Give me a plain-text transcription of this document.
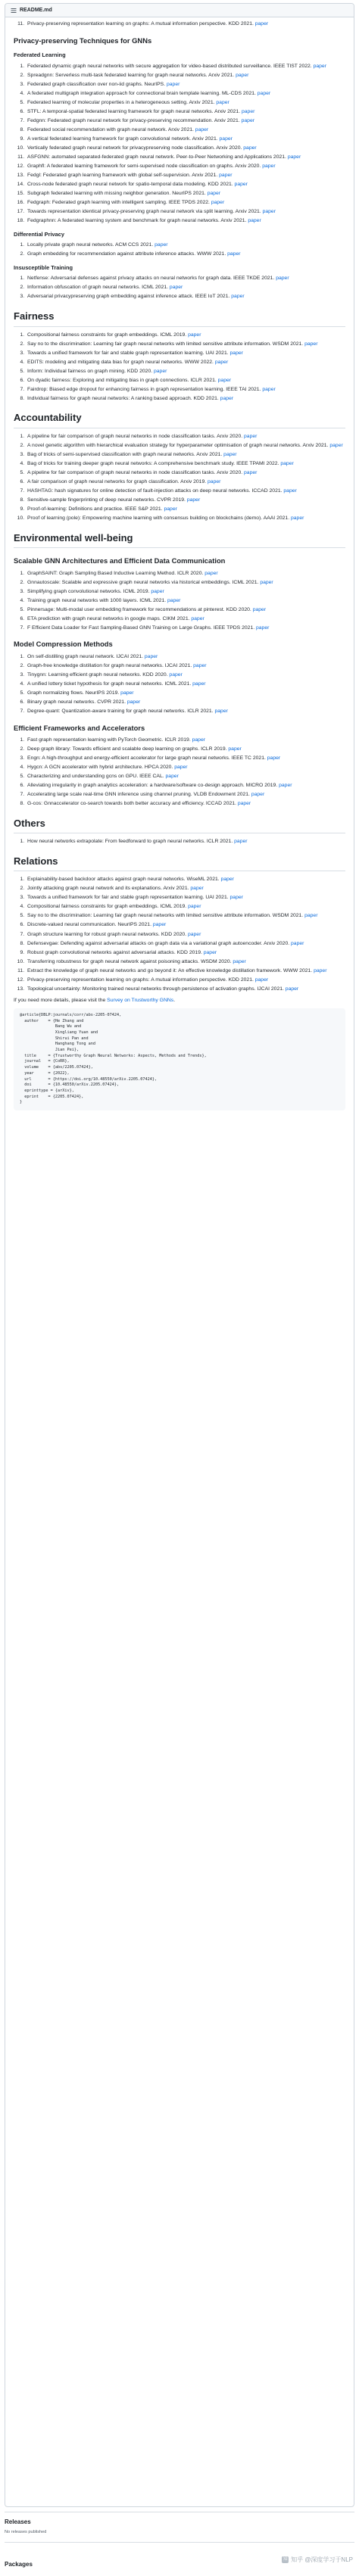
README.md
11. Privacy-preserving representation learning on graphs: A mutual information perspective. KDD 2021. paper
Privacy-preserving Techniques for GNNs
Federated Learning
1. Federated dynamic graph neural networks with secure aggregation for video-based distributed surveillance. IEEE TIST 2022. paper
2. Spreadgnn: Serverless multi-task federated learning for graph neural networks. Arxiv 2021. paper
3. Federated graph classification over non-iid graphs. NeurIPS. paper
4. A federated multigraph integration approach for connectional brain template learning. ML-CDS 2021. paper
5. Federated learning of molecular properties in a heterogeneous setting. Arxiv 2021. paper
6. STFL: A temporal-spatial federated learning framework for graph neural networks. Arxiv 2021. paper
7. Fedgnn: Federated graph neural network for privacy-preserving recommendation. Arxiv 2021. paper
8. Federated social recommendation with graph neural network. Arxiv 2021. paper
9. A vertical federated learning framework for graph convolutional network. Arxiv 2021. paper
10. Vertically federated graph neural network for privacypreserving node classification. Arxiv 2020. paper
11. ASFGNN: automated separated-federated graph neural network. Peer-to-Peer Networking and Applications 2021. paper
12. Graphfl: A federated learning framework for semi-supervised node classification on graphs. Arxiv 2020. paper
13. Fedgl: Federated graph learning framework with global self-supervision. Arxiv 2021. paper
14. Cross-node federated graph neural network for spatio-temporal data modeling. KDD 2021. paper
15. Subgraph federated learning with missing neighbor generation. NeurIPS 2021. paper
16. Fedgraph: Federated graph learning with intelligent sampling. IEEE TPDS 2022. paper
17. Towards representation identical privacy-preserving graph neural network via split learning. Arxiv 2021. paper
18. Fedgraphnn: A federated learning system and benchmark for graph neural networks. Arxiv 2021. paper
Differential Privacy
1. Locally private graph neural networks. ACM CCS 2021. paper
2. Graph embedding for recommendation against attribute inference attacks. WWW 2021. paper
Insusceptible Training
1. Netfense: Adversarial defenses against privacy attacks on neural networks for graph data. IEEE TKDE 2021. paper
2. Information obfuscation of graph neural networks. ICML 2021. paper
3. Adversarial privacypreserving graph embedding against inference attack. IEEE IoT 2021. paper
Fairness
1. Compositional fairness constraints for graph embeddings. ICML 2019. paper
2. Say no to the discrimination: Learning fair graph neural networks with limited sensitive attribute information. WSDM 2021. paper
3. Towards a unified framework for fair and stable graph representation learning. UAI 2021. paper
4. EDITS: modeling and mitigating data bias for graph neural networks. WWW 2022. paper
5. Inform: Individual fairness on graph mining. KDD 2020. paper
6. On dyadic fairness: Exploring and mitigating bias in graph connections. ICLR 2021. paper
7. Fairdrop: Biased edge dropout for enhancing fairness in graph representation learning. IEEE TAI 2021. paper
8. Individual fairness for graph neural networks: A ranking based approach. KDD 2021. paper
Accountability
1. A pipeline for fair comparison of graph neural networks in node classification tasks. Arxiv 2020. paper
2. A novel genetic algorithm with hierarchical evaluation strategy for hyperparameter optimisation of graph neural networks. Arxiv 2021. paper
3. Bag of tricks of semi-supervised classification with graph neural networks. Arxiv 2021. paper
4. Bag of tricks for training deeper graph neural networks: A comprehensive benchmark study. IEEE TPAMI 2022. paper
5. A pipeline for fair comparison of graph neural networks in node classification tasks. Arxiv 2020. paper
6. A fair comparison of graph neural networks for graph classification. Arxiv 2019. paper
7. HASHTAG: hash signatures for online detection of fault-injection attacks on deep neural networks. ICCAD 2021. paper
8. Sensitive-sample fingerprinting of deep neural networks. CVPR 2019. paper
9. Proof-of-learning: Definitions and practice. IEEE S&P 2021. paper
10. Proof of learning (pole): Empowering machine learning with consensus building on blockchains (demo). AAAI 2021. paper
Environmental well-being
Scalable GNN Architectures and Efficient Data Communication
1. GraphSAINT: Graph Sampling Based Inductive Learning Method. ICLR 2020. paper
2. Gnnautoscale: Scalable and expressive graph neural networks via historical embeddings. ICML 2021. paper
3. Simplifying graph convolutional networks. ICML 2019. paper
4. Training graph neural networks with 1000 layers. ICML 2021. paper
5. Pinnersage: Multi-modal user embedding framework for recommendations at pinterest. KDD 2020. paper
6. ETA prediction with graph neural networks in google maps. CIKM 2021. paper
7. F Efficient Data Loader for Fast Sampling-Based GNN Training on Large Graphs. IEEE TPDS 2021. paper
Model Compression Methods
1. On self-distilling graph neural network. IJCAI 2021. paper
2. Graph-free knowledge distillation for graph neural networks. IJCAI 2021. paper
3. Tinygnn: Learning efficient graph neural networks. KDD 2020. paper
4. A unified lottery ticket hypothesis for graph neural networks. ICML 2021. paper
5. Graph normalizing flows. NeurIPS 2019. paper
6. Binary graph neural networks. CVPR 2021. paper
7. Degree-quant: Quantization-aware training for graph neural networks. ICLR 2021. paper
Efficient Frameworks and Accelerators
1. Fast graph representation learning with PyTorch Geometric. ICLR 2019. paper
2. Deep graph library: Towards efficient and scalable deep learning on graphs. ICLR 2019. paper
3. Engn: A high-throughput and energy-efficient accelerator for large graph neural networks. IEEE TC 2021. paper
4. Hygcn: A GCN accelerator with hybrid architecture. HPCA 2020. paper
5. Characterizing and understanding gcns on GPU. IEEE CAL. paper
6. Alleviating irregularity in graph analytics acceleration: a hardware/software co-design approach. MICRO 2019. paper
7. Accelerating large scale real-time GNN inference using channel pruning. VLDB Endowment 2021. paper
8. G-cos: Gnnaccelerator co-search towards both better accuracy and efficiency. ICCAD 2021. paper
Others
1. How neural networks extrapolate: From feedforward to graph neural networks. ICLR 2021. paper
Relations
1. Explainability-based backdoor attacks against graph neural networks. WiseML 2021. paper
2. Jointly attacking graph neural network and its explanations. Arxiv 2021. paper
3. Towards a unified framework for fair and stable graph representation learning. UAI 2021. paper
4. Compositional fairness constraints for graph embeddings. ICML 2019. paper
5. Say no to the discrimination: Learning fair graph neural networks with limited sensitive attribute information. WSDM 2021. paper
6. Discrete-valued neural communication. NeurIPS 2021. paper
7. Graph structure learning for robust graph neural networks. KDD 2020. paper
8. Defensevgae: Defending against adversarial attacks on graph data via a variational graph autoencoder. Arxiv 2020. paper
9. Robust graph convolutional networks against adversarial attacks. KDD 2019. paper
10. Transferring robustness for graph neural network against poisoning attacks. WSDM 2020. paper
11. Extract the knowledge of graph neural networks and go beyond it: An effective knowledge distillation framework. WWW 2021. paper
12. Privacy-preserving representation learning on graphs: A mutual information perspective. KDD 2021. paper
13. Topological uncertainty: Monitoring trained neural networks through persistence of activation graphs. IJCAI 2021. paper

If you need more details, please visit the Survey on Trustworthy GNNs.

@article{DBLP:journals/corr/abs-2205-07424,
author    = {He Zhang and
Bang Wu and
Xingliang Yuan and
Shirui Pan and
Hanghang Tong and
Jian Pei},
title     = {Trustworthy Graph Neural Networks: Aspects, Methods and Trends},
journal   = {CoRR},
volume    = {abs/2205.07424},
year      = {2022},
url       = {https://doi.org/10.48550/arXiv.2205.07424},
doi       = {10.48550/arXiv.2205.07424},
eprinttype = {arXiv},
eprint    = {2205.07424},
}
Releases
No releases published
Packages
知 知乎 @深度学习于NLP
